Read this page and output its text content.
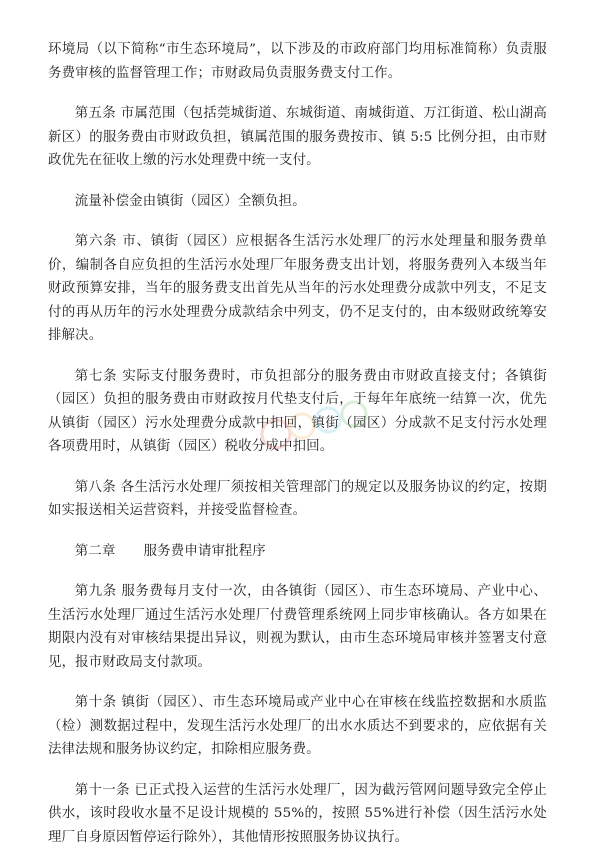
环境局（以下简称“市生态环境局”，以下涉及的市政府部门均用标准简称）负责服务费审核的监督管理工作；市财政局负责服务费支付工作。

第五条 市属范围（包括莞城街道、东城街道、南城街道、万江街道、松山湖高新区）的服务费由市财政负担，镇属范围的服务费按市、镇 5:5 比例分担，由市财政优先在征收上缴的污水处理费中统一支付。

流量补偿金由镇街（园区）全额负担。

第六条 市、镇街（园区）应根据各生活污水处理厂的污水处理量和服务费单价，编制各自应负担的生活污水处理厂年服务费支出计划，将服务费列入本级当年财政预算安排，当年的服务费支出首先从当年的污水处理费分成款中列支，不足支付的再从历年的污水处理费分成款结余中列支，仍不足支付的，由本级财政统筹安排解决。

第七条 实际支付服务费时，市负担部分的服务费由市财政直接支付；各镇街（园区）负担的服务费由市财政按月代垫支付后，于每年年底统一结算一次，优先从镇街（园区）污水处理费分成款中扣回，镇街（园区）分成款不足支付污水处理各项费用时，从镇街（园区）税收分成中扣回。

第八条 各生活污水处理厂须按相关管理部门的规定以及服务协议的约定，按期如实报送相关运营资料，并接受监督检查。

第二章 服务费申请审批程序

第九条 服务费每月支付一次，由各镇街（园区）、市生态环境局、产业中心、生活污水处理厂通过生活污水处理厂付费管理系统网上同步审核确认。各方如果在期限内没有对审核结果提出异议，则视为默认，由市生态环境局审核并签署支付意见，报市财政局支付款项。

第十条 镇街（园区）、市生态环境局或产业中心在审核在线监控数据和水质监（检）测数据过程中，发现生活污水处理厂的出水水质达不到要求的，应依据有关法律法规和服务协议约定，扣除相应服务费。

第十一条 已正式投入运营的生活污水处理厂，因为截污管网问题导致完全停止供水，该时段收水量不足设计规模的 55%的，按照 55%进行补偿（因生活污水处理厂自身原因暂停运行除外），其他情形按照服务协议执行。
